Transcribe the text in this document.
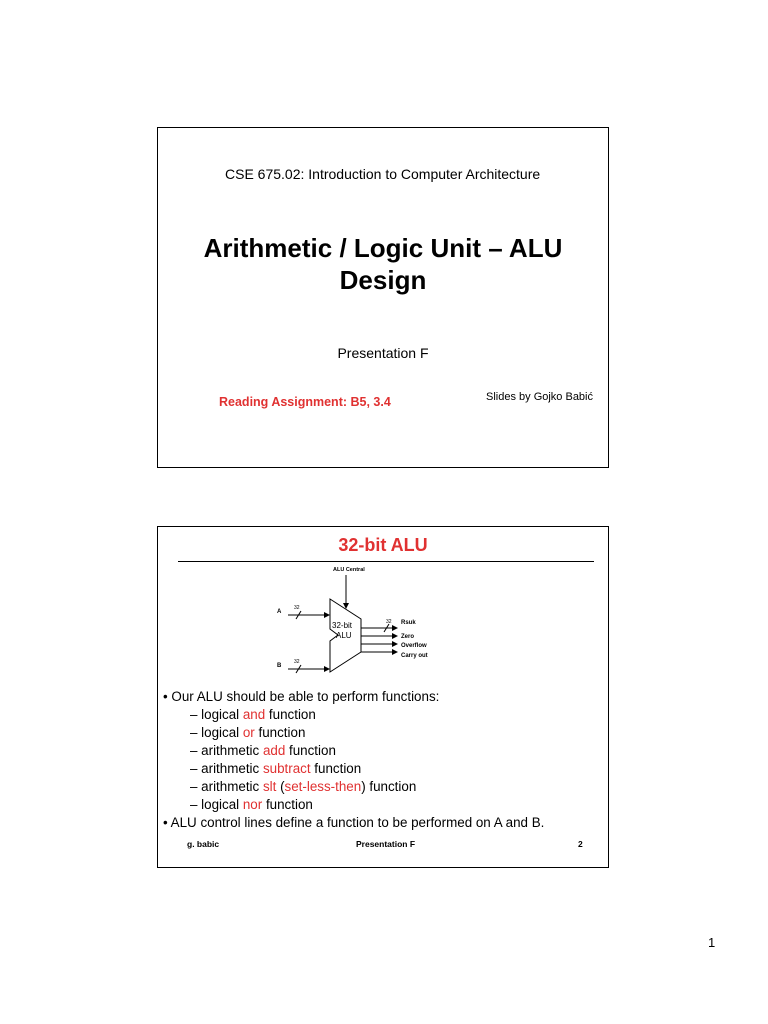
CSE 675.02: Introduction to Computer Architecture
Arithmetic / Logic Unit – ALU Design
Presentation F
Reading Assignment: B5, 3.4	Slides by Gojko Babić
32-bit ALU
ALU Central
32-bit
ALU
A
32
B
32
32 Rsuk
Zero
Overflow
Carry out
• Our ALU should be able to perform functions:
– logical and function
– logical or function
– arithmetic add function
– arithmetic subtract function
– arithmetic slt (set-less-then) function
– logical nor function
• ALU control lines define a function to be performed on A and B.
g. babic	Presentation F	2
1
